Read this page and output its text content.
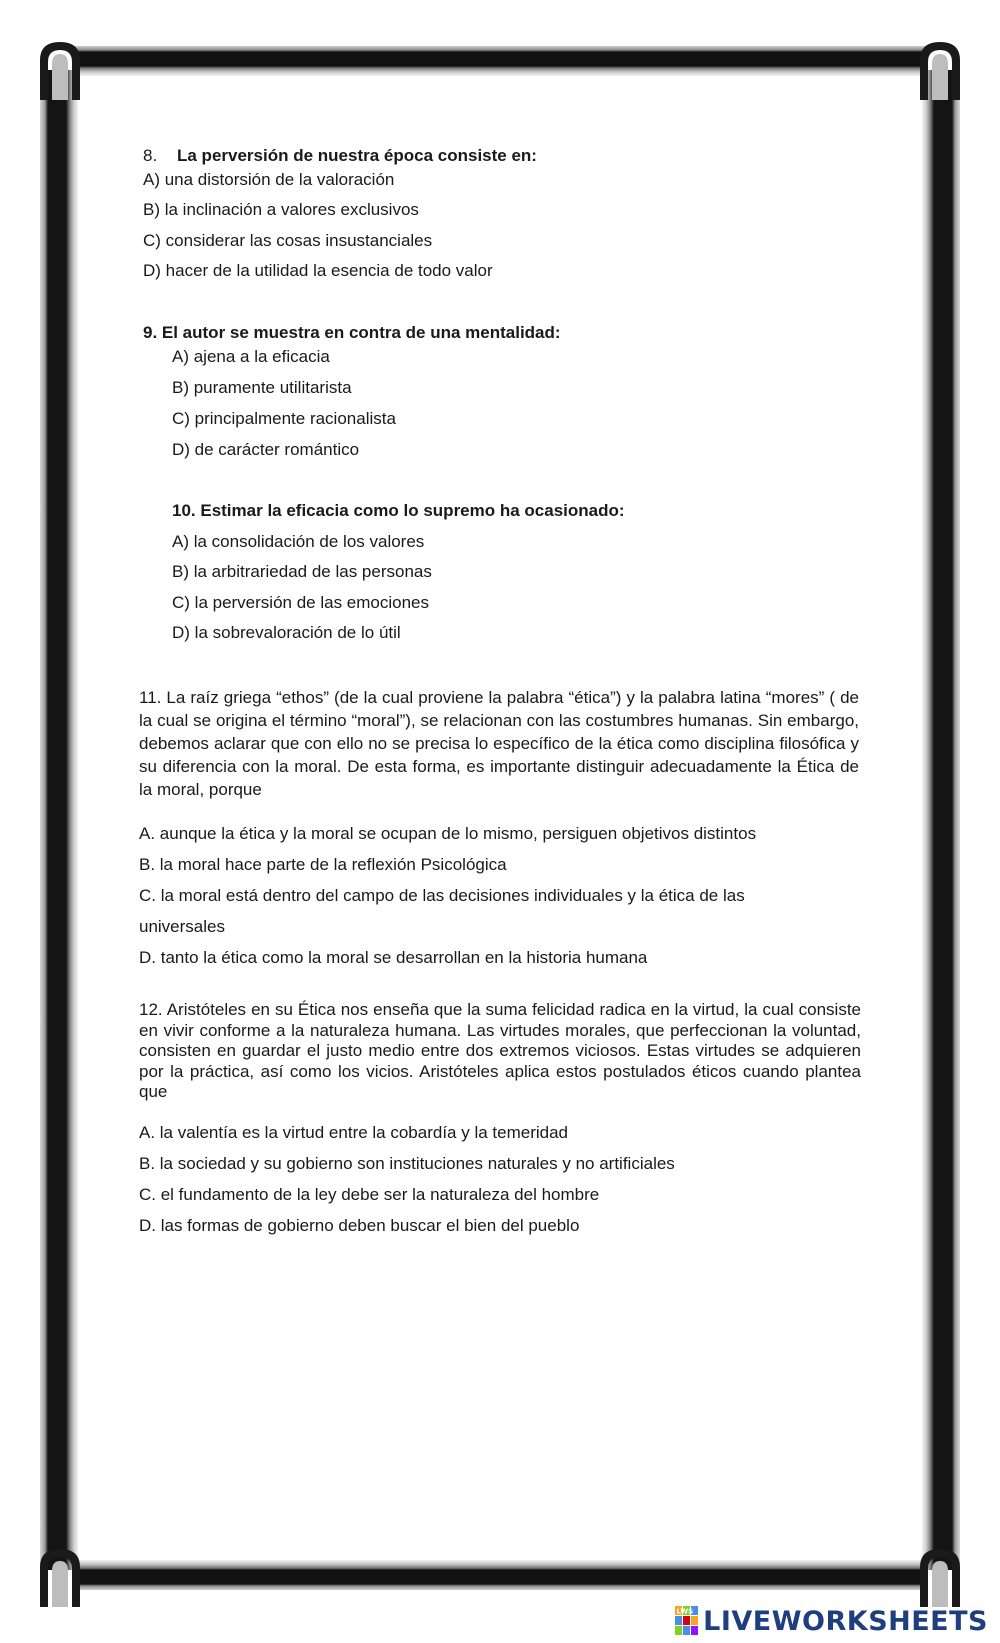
8. La perversión de nuestra época consiste en:
A) una distorsión de la valoración
B) la inclinación a valores exclusivos
C) considerar las cosas insustanciales
D) hacer de la utilidad la esencia de todo valor
9. El autor se muestra en contra de una mentalidad:
A) ajena a la eficacia
B) puramente utilitarista
C) principalmente racionalista
D) de carácter romántico
10. Estimar la eficacia como lo supremo ha ocasionado:
A) la consolidación de los valores
B) la arbitrariedad de las personas
C) la perversión de las emociones
D) la sobrevaloración de lo útil
11. La raíz griega “ethos” (de la cual proviene la palabra “ética”) y la palabra latina “mores” ( de la cual se origina el término “moral”), se relacionan con las costumbres humanas. Sin embargo, debemos aclarar que con ello no se precisa lo específico de la ética como disciplina filosófica y su diferencia con la moral. De esta forma, es importante distinguir adecuadamente la Ética de la moral, porque
A. aunque la ética y la moral se ocupan de lo mismo, persiguen objetivos distintos
B. la moral hace parte de la reflexión Psicológica
C. la moral está dentro del campo de las decisiones individuales y la ética de las
universales
D. tanto la ética como la moral se desarrollan en la historia humana
12. Aristóteles en su Ética nos enseña que la suma felicidad radica en la virtud, la cual consiste en vivir conforme a la naturaleza humana. Las virtudes morales, que perfeccionan la voluntad, consisten en guardar el justo medio entre dos extremos viciosos. Estas virtudes se adquieren por la práctica, así como los vicios. Aristóteles aplica estos postulados éticos cuando plantea que
A. la valentía es la virtud entre la cobardía y la temeridad
B. la sociedad y su gobierno son instituciones naturales y no artificiales
C. el fundamento de la ley debe ser la naturaleza del hombre
D. las formas de gobierno deben buscar el bien del pueblo
LWS LIVEWORKSHEETS
